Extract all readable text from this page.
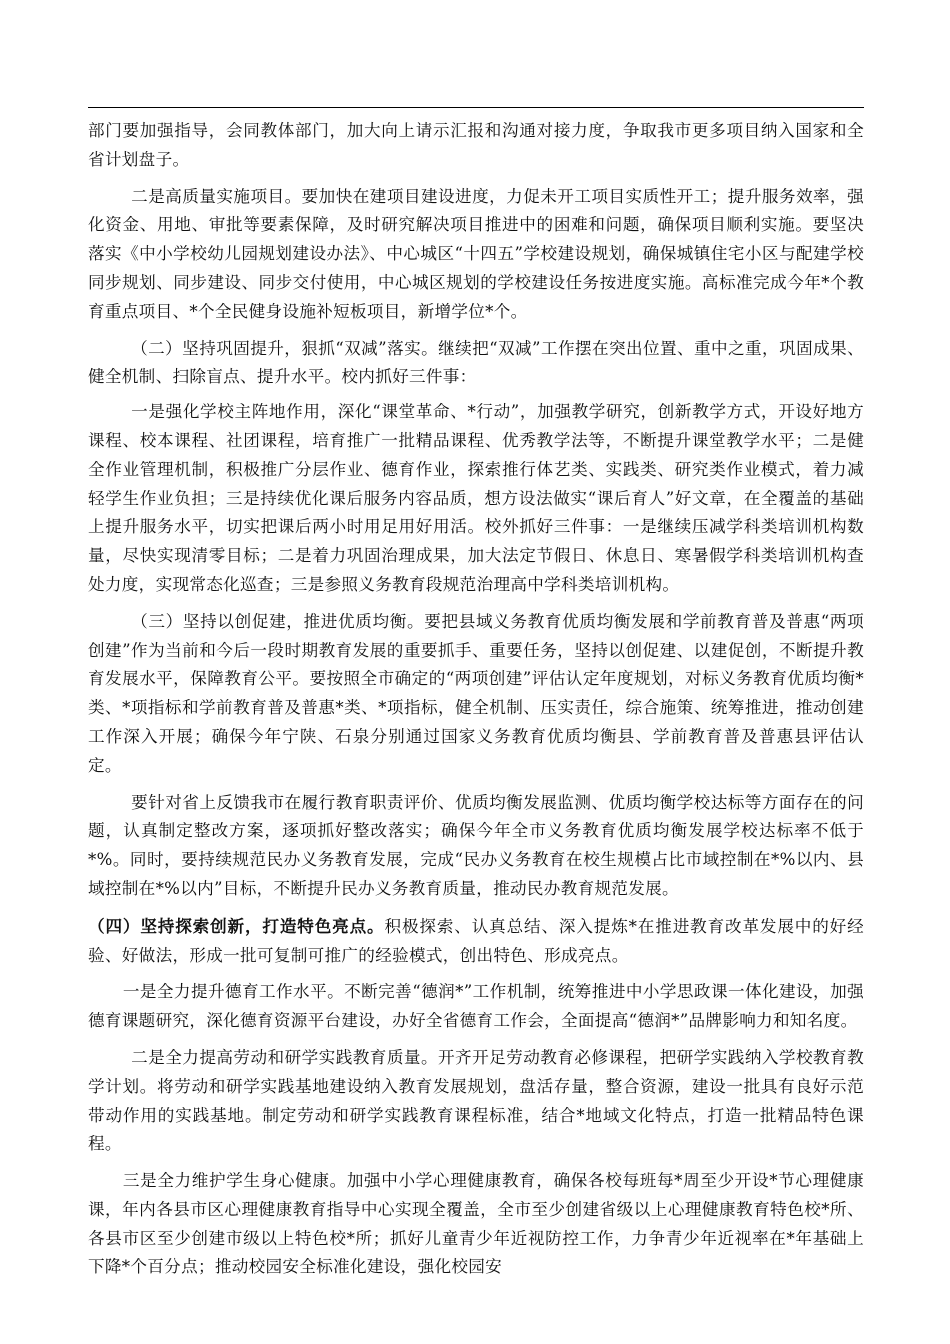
部门要加强指导，会同教体部门，加大向上请示汇报和沟通对接力度，争取我市更多项目纳入国家和全省计划盘子。

二是高质量实施项目。要加快在建项目建设进度，力促未开工项目实质性开工；提升服务效率，强化资金、用地、审批等要素保障，及时研究解决项目推进中的困难和问题，确保项目顺利实施。要坚决落实《中小学校幼儿园规划建设办法》、中心城区“十四五”学校建设规划，确保城镇住宅小区与配建学校同步规划、同步建设、同步交付使用，中心城区规划的学校建设任务按进度实施。高标准完成今年*个教育重点项目、*个全民健身设施补短板项目，新增学位*个。

（二）坚持巩固提升，狠抓“双减”落实。继续把“双减”工作摆在突出位置、重中之重，巩固成果、健全机制、扫除盲点、提升水平。校内抓好三件事：

一是强化学校主阵地作用，深化“课堂革命、*行动”，加强教学研究，创新教学方式，开设好地方课程、校本课程、社团课程，培育推广一批精品课程、优秀教学法等，不断提升课堂教学水平；二是健全作业管理机制，积极推广分层作业、德育作业，探索推行体艺类、实践类、研究类作业模式，着力减轻学生作业负担；三是持续优化课后服务内容品质，想方设法做实“课后育人”好文章，在全覆盖的基础上提升服务水平，切实把课后两小时用足用好用活。校外抓好三件事：一是继续压减学科类培训机构数量，尽快实现清零目标；二是着力巩固治理成果，加大法定节假日、休息日、寒暑假学科类培训机构查处力度，实现常态化巡查；三是参照义务教育段规范治理高中学科类培训机构。

（三）坚持以创促建，推进优质均衡。要把县域义务教育优质均衡发展和学前教育普及普惠“两项创建”作为当前和今后一段时期教育发展的重要抓手、重要任务，坚持以创促建、以建促创，不断提升教育发展水平，保障教育公平。要按照全市确定的“两项创建”评估认定年度规划，对标义务教育优质均衡*类、*项指标和学前教育普及普惠*类、*项指标，健全机制、压实责任，综合施策、统筹推进，推动创建工作深入开展；确保今年宁陕、石泉分别通过国家义务教育优质均衡县、学前教育普及普惠县评估认定。

要针对省上反馈我市在履行教育职责评价、优质均衡发展监测、优质均衡学校达标等方面存在的问题，认真制定整改方案，逐项抓好整改落实；确保今年全市义务教育优质均衡发展学校达标率不低于*%。同时，要持续规范民办义务教育发展，完成“民办义务教育在校生规模占比市域控制在*%以内、县域控制在*%以内”目标，不断提升民办义务教育质量，推动民办教育规范发展。

（四）坚持探索创新，打造特色亮点。积极探索、认真总结、深入提炼*在推进教育改革发展中的好经验、好做法，形成一批可复制可推广的经验模式，创出特色、形成亮点。

一是全力提升德育工作水平。不断完善“德润*”工作机制，统筹推进中小学思政课一体化建设，加强德育课题研究，深化德育资源平台建设，办好全省德育工作会，全面提高“德润*”品牌影响力和知名度。

二是全力提高劳动和研学实践教育质量。开齐开足劳动教育必修课程，把研学实践纳入学校教育教学计划。将劳动和研学实践基地建设纳入教育发展规划，盘活存量，整合资源，建设一批具有良好示范带动作用的实践基地。制定劳动和研学实践教育课程标准，结合*地域文化特点，打造一批精品特色课程。

三是全力维护学生身心健康。加强中小学心理健康教育，确保各校每班每*周至少开设*节心理健康课，年内各县市区心理健康教育指导中心实现全覆盖，全市至少创建省级以上心理健康教育特色校*所、各县市区至少创建市级以上特色校*所；抓好儿童青少年近视防控工作，力争青少年近视率在*年基础上下降*个百分点；推动校园安全标准化建设，强化校园安
